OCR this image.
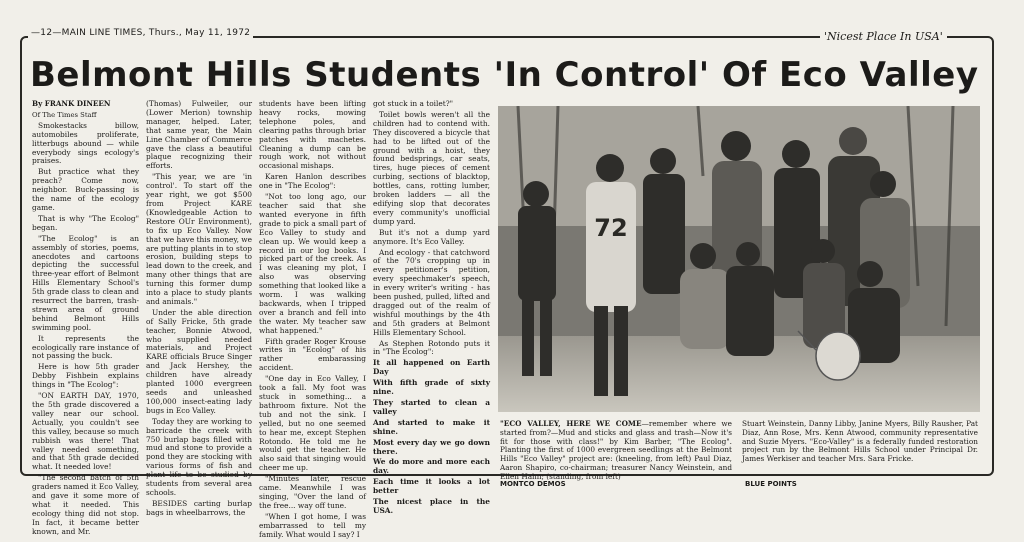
—12—MAIN LINE TIMES, Thurs., May 11, 1972	'Nicest Place In USA'
Belmont Hills Students 'In Control' Of Eco Valley

By FRANK DINEEN

Of The Times Staff

Smokestacks billow, automobiles proliferate, litterbugs abound — while everybody sings ecology's praises.

But practice what they preach? Come now, neighbor. Buck-passing is the name of the ecology game.

That is why "The Ecolog" began.

"The Ecolog" is an assembly of stories, poems, anecdotes and cartoons depicting the successful three-year effort of Belmont Hills Elementary School's 5th grade class to clean and resurrect the barren, trash-strewn area of ground behind Belmont Hills swimming pool.

It represents the ecologically rare instance of not passing the buck.

Here is how 5th grader Debby Fishbein explains things in "The Ecolog":

"ON EARTH DAY, 1970, the 5th grade discovered a valley near our school. Actually, you couldn't see this valley, because so much rubbish was there! That valley needed something, and that 5th grade decided what. It needed love!

"The second batch of 5th graders named it Eco Valley, and gave it some more of what it needed. This ecology thing did not stop. In fact, it became better known, and Mr.

(Thomas) Fulweiler, our (Lower Merion) township manager, helped. Later, that same year, the Main Line Chamber of Commerce gave the class a beautiful plaque recognizing their efforts.

"This year, we are 'in control'. To start off the year right, we got $500 from Project KARE (Knowledgeable Action to Restore OUr Environment), to fix up Eco Valley. Now that we have this money, we are putting plants in to stop erosion, building steps to lead down to the creek, and many other things that are turning this former dump into a place to study plants and animals."

Under the able direction of Sally Fricke, 5th grade teacher, Bonnie Atwood, who supplied needed materials, and Project KARE officials Bruce Singer and Jack Hershey, the children have already planted 1000 evergreen seeds and unleashed 100,000 insect-eating lady bugs in Eco Valley.

Today they are working to barricade the creek with 750 burlap bags filled with mud and stone to provide a pond they are stocking with various forms of fish and plant life to be studied by students from several area schools.

BESIDES carting burlap bags in wheelbarrows, the

students have been lifting heavy rocks, mowing telephone poles, and clearing paths through briar patches with machetes. Cleaning a dump can be rough work, not without occasional mishaps.

Karen Hanlon describes one in "The Ecolog":

"Not too long ago, our teacher said that she wanted everyone in fifth grade to pick a small part of Eco Valley to study and clean up. We would keep a record in our log books. I picked part of the creek. As I was cleaning my plot, I also was observing something that looked like a worm. I was walking backwards, when I tripped over a branch and fell into the water. My teacher saw what happened."

Fifth grader Roger Krouse writes in "Ecolog" of his rather embarassing accident.

"One day in Eco Valley, I took a fall. My foot was stuck in something... a bathroom fixture. Not the tub and not the sink. I yelled, but no one seemed to hear me, except Stephen Rotondo. He told me he would get the teacher. He also said that singing would cheer me up.

"Minutes later, rescue came. Meanwhile I was singing, "Over the land of the free... way off tune.

"When I got home, I was embarrassed to tell my family. What would I say? I

got stuck in a toilet?"

Toilet bowls weren't all the children had to contend with. They discovered a bicycle that had to be lifted out of the ground with a hoist, they found bedsprings, car seats, tires, huge pieces of cement curbing, sections of blacktop, bottles, cans, rotting lumber, broken ladders — all the edifying slop that decorates every community's unofficial dump yard.

But it's not a dump yard anymore. It's Eco Valley.

And ecology - that catchword of the 70's cropping up in every petitioner's petition, every speechmaker's speech, in every writer's writing - has been pushed, pulled, lifted and dragged out of the realm of wishful mouthings by the 4th and 5th graders at Belmont Hills Elementary School.

As Stephen Rotondo puts it in "The Ecolog":

It all happened on Earth Day

With fifth grade of sixty nine.

They started to clean a valley

And started to make it shine.

Most every day we go down there.

We do more and more each day.

Each time it looks a lot better

The nicest place in the USA.

72
"ECO VALLEY, HERE WE COME—remember where we started from?—Mud and sticks and glass and trash—Now it's fit for those with class!" by Kim Barber, "The Ecolog". Planting the first of 1000 evergreen seedlings at the Belmont Hills "Eco Valley" project are: (kneeling, from left) Paul Diaz, Aaron Shapiro, co-chairman; treasurer Nancy Weinstein, and Ellen Hahn; (standing, from left)
Stuart Weinstein, Danny Libby, Janine Myers, Billy Rausher, Pat Diaz, Ann Rose, Mrs. Kenn Atwood, community representative and Suzie Myers. "Eco-Valley" is a federally funded restoration project run by the Belmont Hills School under Principal Dr. James Werkiser and teacher Mrs. Sara Fricke.
MONTCO DEMOS	BLUE POINTS
